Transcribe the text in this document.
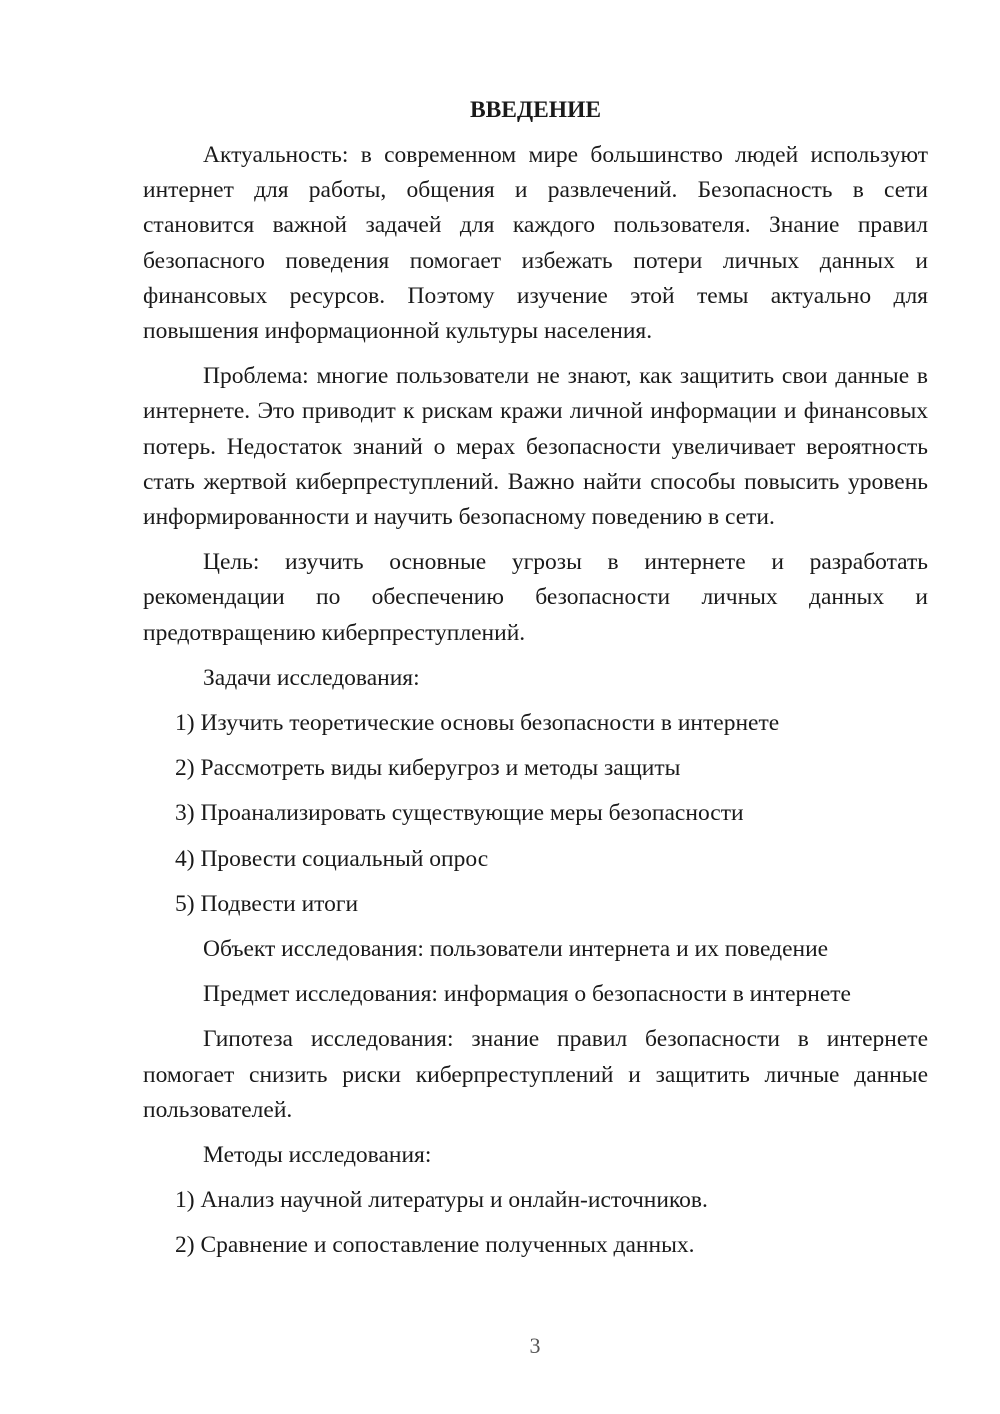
ВВЕДЕНИЕ

Актуальность: в современном мире большинство людей используют интернет для работы, общения и развлечений. Безопасность в сети становится важной задачей для каждого пользователя. Знание правил безопасного поведения помогает избежать потери личных данных и финансовых ресурсов. Поэтому изучение этой темы актуально для повышения информационной культуры населения.

Проблема: многие пользователи не знают, как защитить свои данные в интернете. Это приводит к рискам кражи личной информации и финансовых потерь. Недостаток знаний о мерах безопасности увеличивает вероятность стать жертвой киберпреступлений. Важно найти способы повысить уровень информированности и научить безопасному поведению в сети.

Цель: изучить основные угрозы в интернете и разработать рекомендации по обеспечению безопасности личных данных и предотвращению киберпреступлений.

Задачи исследования:

1) Изучить теоретические основы безопасности в интернете

2) Рассмотреть виды киберугроз и методы защиты

3) Проанализировать существующие меры безопасности

4) Провести социальный опрос

5) Подвести итоги

Объект исследования: пользователи интернета и их поведение

Предмет исследования: информация о безопасности в интернете

Гипотеза исследования: знание правил безопасности в интернете помогает снизить риски киберпреступлений и защитить личные данные пользователей.

Методы исследования:

1) Анализ научной литературы и онлайн-источников.

2) Сравнение и сопоставление полученных данных.

3
